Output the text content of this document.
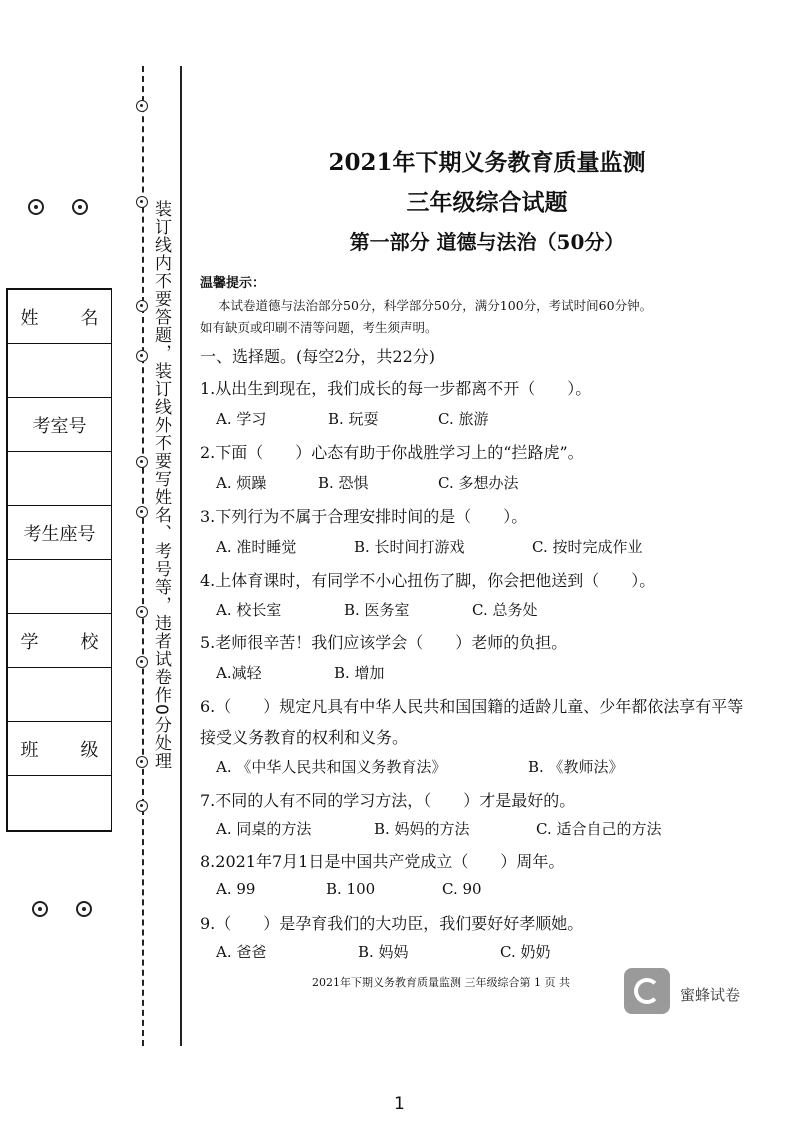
装订线内不要答题，装订线外不要写姓名、考号等，违者试卷作0分处理
姓　名
考室号
考生座号
学　校
班　级
2021年下期义务教育质量监测
三年级综合试题
第一部分 道德与法治（50分）
温馨提示：
本试卷道德与法治部分50分，科学部分50分，满分100分，考试时间60分钟。
如有缺页或印刷不清等问题，考生须声明。
一、选择题。(每空2分，共22分)
1.从出生到现在，我们成长的每一步都离不开（　　）。
A. 学习	B. 玩耍	C. 旅游
2.下面（　　）心态有助于你战胜学习上的“拦路虎”。
A. 烦躁	B. 恐惧	C. 多想办法
3.下列行为不属于合理安排时间的是（　　）。
A. 准时睡觉	B. 长时间打游戏	C. 按时完成作业
4.上体育课时，有同学不小心扭伤了脚，你会把他送到（　　）。
A. 校长室	B. 医务室	C. 总务处
5.老师很辛苦！我们应该学会（　　）老师的负担。
A.减轻	B. 增加
6.（　　）规定凡具有中华人民共和国国籍的适龄儿童、少年都依法享有平等
接受义务教育的权利和义务。
A. 《中华人民共和国义务教育法》	B. 《教师法》
7.不同的人有不同的学习方法，（　　）才是最好的。
A. 同桌的方法	B. 妈妈的方法	C. 适合自己的方法
8.2021年7月1日是中国共产党成立（　　）周年。
A. 99	B. 100	C. 90
9.（　　）是孕育我们的大功臣，我们要好好孝顺她。
A. 爸爸	B. 妈妈	C. 奶奶
2021年下期义务教育质量监测 三年级综合第 1 页 共
蜜蜂试卷
1
